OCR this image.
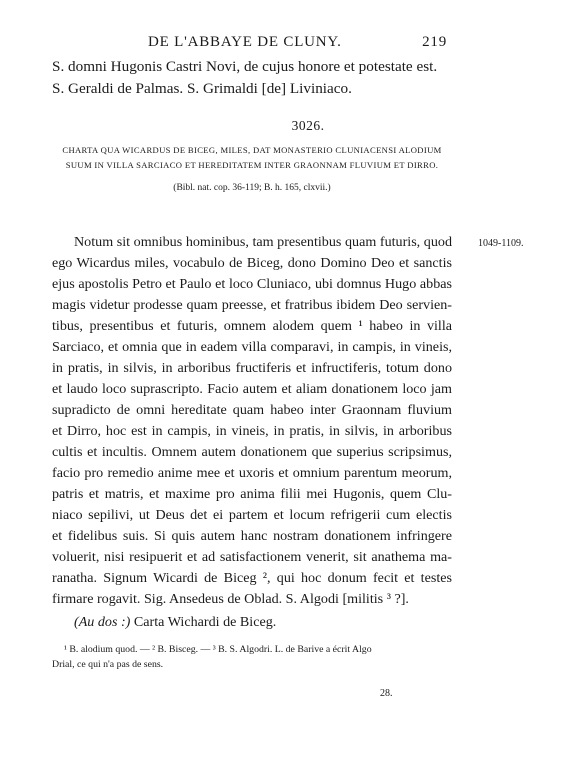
DE L'ABBAYE DE CLUNY.	219
S. domni Hugonis Castri Novi, de cujus honore et potestate est.
S. Geraldi de Palmas. S. Grimaldi [de] Liviniaco.
3026.
CHARTA QUA WICARDUS DE BICEG, MILES, DAT MONASTERIO CLUNIACENSI ALODIUM
SUUM IN VILLA SARCIACO ET HEREDITATEM INTER GRAONNAM FLUVIUM ET DIRRO.
(Bibl. nat. cop. 36-119; B. h. 165, clxvii.)
1049-1109.
Notum sit omnibus hominibus, tam presentibus quam futuris, quod
ego Wicardus miles, vocabulo de Biceg, dono Domino Deo et sanctis
ejus apostolis Petro et Paulo et loco Cluniaco, ubi domnus Hugo abbas
magis videtur prodesse quam preesse, et fratribus ibidem Deo servien-
tibus, presentibus et futuris, omnem alodem quem ¹ habeo in villa
Sarciaco, et omnia que in eadem villa comparavi, in campis, in vineis,
in pratis, in silvis, in arboribus fructiferis et infructiferis, totum dono
et laudo loco suprascripto. Facio autem et aliam donationem loco jam
supradicto de omni hereditate quam habeo inter Graonnam fluvium
et Dirro, hoc est in campis, in vineis, in pratis, in silvis, in arboribus
cultis et incultis. Omnem autem donationem que superius scripsimus,
facio pro remedio anime mee et uxoris et omnium parentum meorum,
patris et matris, et maxime pro anima filii mei Hugonis, quem Clu-
niaco sepilivi, ut Deus det ei partem et locum refrigerii cum electis
et fidelibus suis. Si quis autem hanc nostram donationem infringere
voluerit, nisi resipuerit et ad satisfactionem venerit, sit anathema ma-
ranatha. Signum Wicardi de Biceg ², qui hoc donum fecit et testes
firmare rogavit. Sig. Ansedeus de Oblad. S. Algodi [militis ³ ?].
(Au dos :) Carta Wichardi de Biceg.
¹ B. alodium quod. — ² B. Bisceg. — ³ B. S. Algodri. L. de Barive a écrit Algo
Drial, ce qui n'a pas de sens.
28.
